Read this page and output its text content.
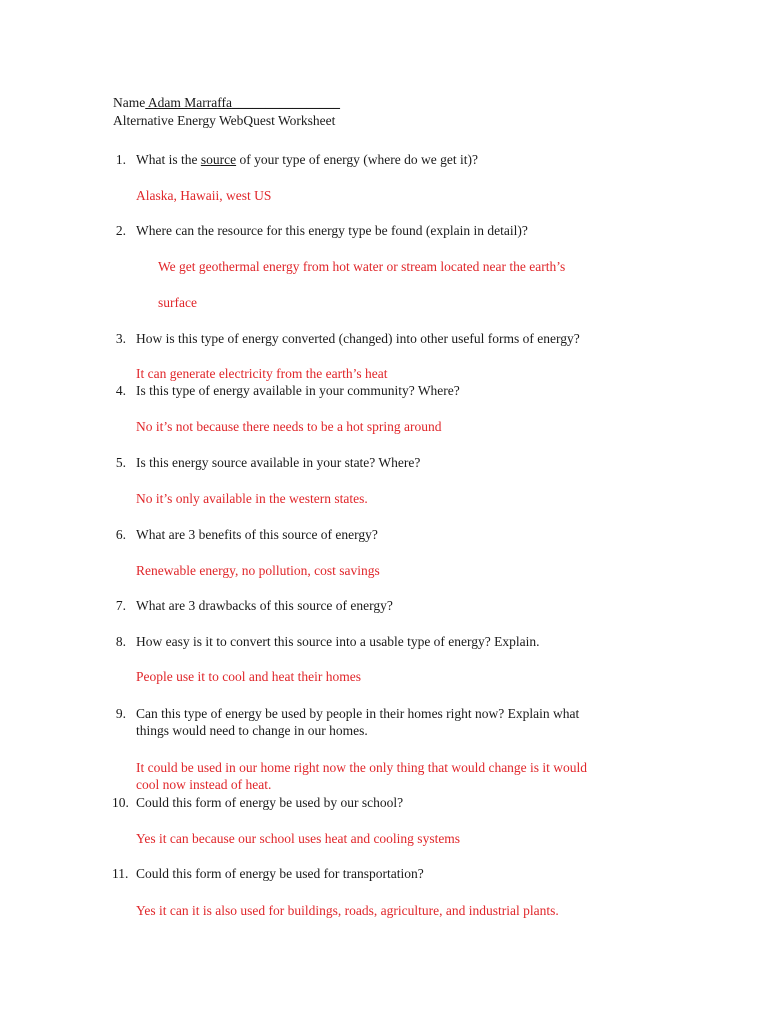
Name Adam Marraffa________________
Alternative Energy WebQuest Worksheet
1. What is the source of your type of energy (where do we get it)?
Alaska, Hawaii, west US
2. Where can the resource for this energy type be found (explain in detail)?
We get geothermal energy from hot water or stream located near the earth’s
surface
3. How is this type of energy converted (changed) into other useful forms of energy?
It can generate electricity from the earth’s heat
4. Is this type of energy available in your community? Where?
No it’s not because there needs to be a hot spring around
5. Is this energy source available in your state? Where?
No it’s only available in the western states.
6. What are 3 benefits of this source of energy?
Renewable energy, no pollution, cost savings
7. What are 3 drawbacks of this source of energy?
8. How easy is it to convert this source into a usable type of energy? Explain.
People use it to cool and heat their homes
9. Can this type of energy be used by people in their homes right now? Explain what
things would need to change in our homes.
It could be used in our home right now the only thing that would change is it would
cool now instead of heat.
10. Could this form of energy be used by our school?
Yes it can because our school uses heat and cooling systems
11. Could this form of energy be used for transportation?
Yes it can it is also used for buildings, roads, agriculture, and industrial plants.
